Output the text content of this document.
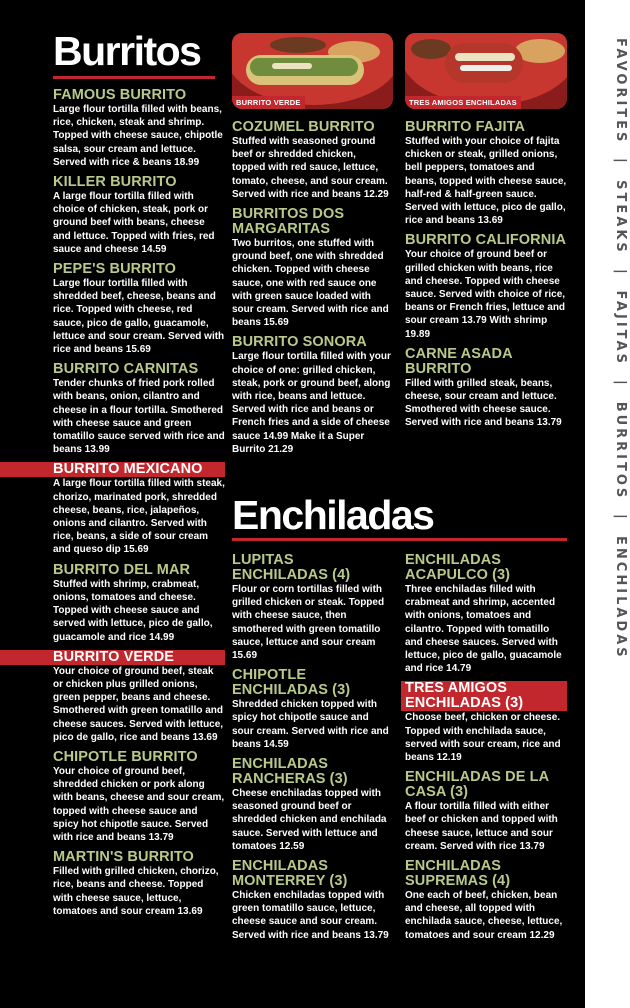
Burritos
BURRITO VERDE	TRES AMIGOS ENCHILADAS
FAMOUS BURRITO
Large flour tortilla filled with beans, rice, chicken, steak and shrimp. Topped with cheese sauce, chipotle salsa, sour cream and lettuce. Served with rice & beans 18.99
KILLER BURRITO
A large flour tortilla filled with choice of chicken, steak, pork or ground beef with beans, cheese and lettuce. Topped with fries, red sauce and cheese 14.59
PEPE'S BURRITO
Large flour tortilla filled with shredded beef, cheese, beans and rice. Topped with cheese, red sauce, pico de gallo, guacamole, lettuce and sour cream. Served with rice and beans 15.69
BURRITO CARNITAS
Tender chunks of fried pork rolled with beans, onion, cilantro and cheese in a flour tortilla. Smothered with cheese sauce and green tomatillo sauce served with rice and beans 13.99
BURRITO MEXICANO
A large flour tortilla filled with steak, chorizo, marinated pork, shredded cheese, beans, rice, jalapeños, onions and cilantro. Served with rice, beans, a side of sour cream and queso dip 15.69
BURRITO DEL MAR
Stuffed with shrimp, crabmeat, onions, tomatoes and cheese. Topped with cheese sauce and served with lettuce, pico de gallo, guacamole and rice 14.99
BURRITO VERDE
Your choice of ground beef, steak or chicken plus grilled onions, green pepper, beans and cheese. Smothered with green tomatillo and cheese sauces. Served with lettuce, pico de gallo, rice and beans 13.69
CHIPOTLE BURRITO
Your choice of ground beef, shredded chicken or pork along with beans, cheese and sour cream, topped with cheese sauce and spicy hot chipotle sauce. Served with rice and beans 13.79
MARTIN'S BURRITO
Filled with grilled chicken, chorizo, rice, beans and cheese. Topped with cheese sauce, lettuce, tomatoes and sour cream 13.69
COZUMEL BURRITO
Stuffed with seasoned ground beef or shredded chicken, topped with red sauce, lettuce, tomato, cheese, and sour cream. Served with rice and beans 12.29
BURRITOS DOS MARGARITAS
Two burritos, one stuffed with ground beef, one with shredded chicken. Topped with cheese sauce, one with red sauce one with green sauce loaded with sour cream. Served with rice and beans 15.69
BURRITO SONORA
Large flour tortilla filled with your choice of one: grilled chicken, steak, pork or ground beef, along with rice, beans and lettuce. Served with rice and beans or French fries and a side of cheese sauce 14.99 Make it a Super Burrito 21.29
BURRITO FAJITA
Stuffed with your choice of fajita chicken or steak, grilled onions, bell peppers, tomatoes and beans, topped with cheese sauce, half-red & half-green sauce. Served with lettuce, pico de gallo, rice and beans 13.69
BURRITO CALIFORNIA
Your choice of ground beef or grilled chicken with beans, rice and cheese. Topped with cheese sauce. Served with choice of rice, beans or French fries, lettuce and sour cream 13.79 With shrimp 19.89
CARNE ASADA BURRITO
Filled with grilled steak, beans, cheese, sour cream and lettuce. Smothered with cheese sauce. Served with rice and beans 13.79
Enchiladas
LUPITAS ENCHILADAS (4)
Flour or corn tortillas filled with grilled chicken or steak. Topped with cheese sauce, then smothered with green tomatillo sauce, lettuce and sour cream 15.69
CHIPOTLE ENCHILADAS (3)
Shredded chicken topped with spicy hot chipotle sauce and sour cream. Served with rice and beans 14.59
ENCHILADAS RANCHERAS (3)
Cheese enchiladas topped with seasoned ground beef or shredded chicken and enchilada sauce. Served with lettuce and tomatoes 12.59
ENCHILADAS MONTERREY (3)
Chicken enchiladas topped with green tomatillo sauce, lettuce, cheese sauce and sour cream. Served with rice and beans 13.79
ENCHILADAS ACAPULCO (3)
Three enchiladas filled with crabmeat and shrimp, accented with onions, tomatoes and cilantro. Topped with tomatillo and cheese sauces. Served with lettuce, pico de gallo, guacamole and rice 14.79
TRES AMIGOS ENCHILADAS (3)
Choose beef, chicken or cheese. Topped with enchilada sauce, served with sour cream, rice and beans 12.19
ENCHILADAS DE LA CASA (3)
A flour tortilla filled with either beef or chicken and topped with cheese sauce, lettuce and sour cream. Served with rice 13.79
ENCHILADAS SUPREMAS (4)
One each of beef, chicken, bean and cheese, all topped with enchilada sauce, cheese, lettuce, tomatoes and sour cream 12.29
FAVORITES|STEAKS|FAJITAS|BURRITOS|ENCHILADAS
